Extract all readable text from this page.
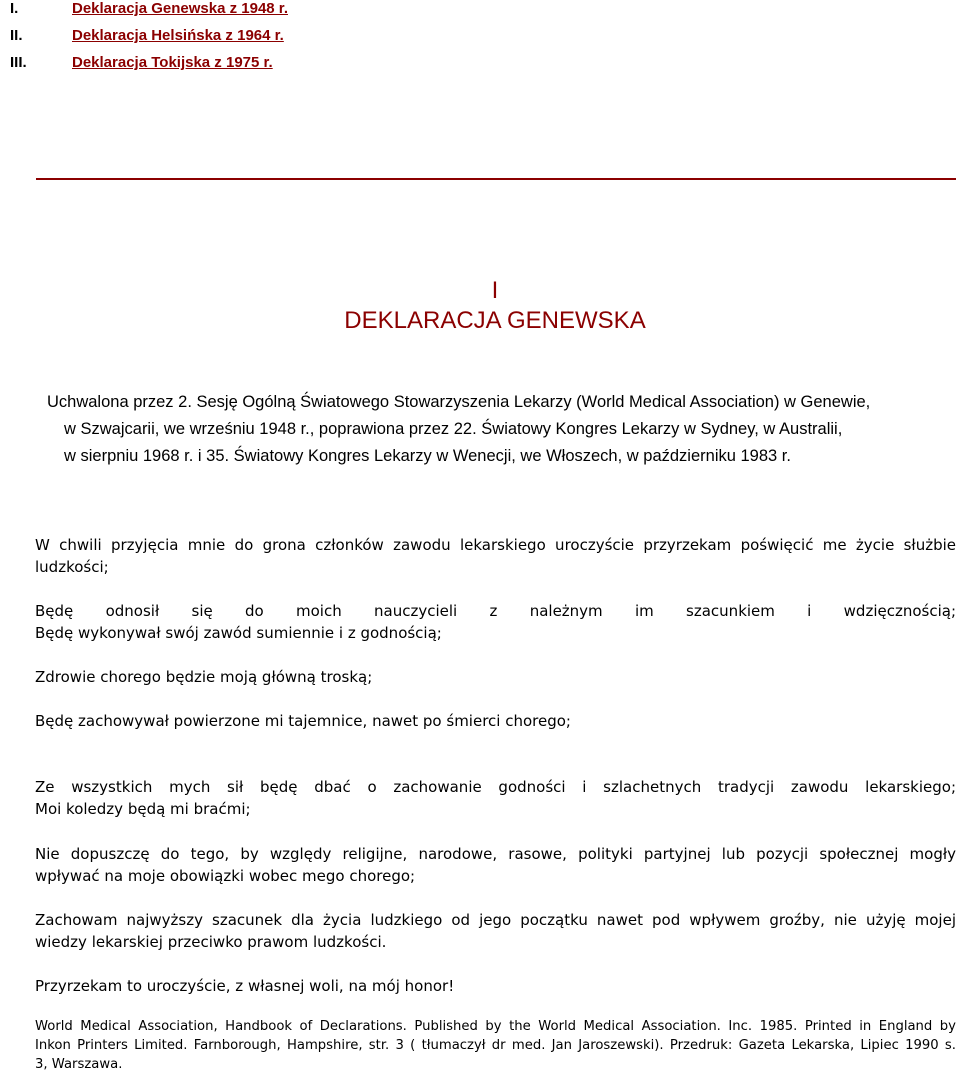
I.	Deklaracja Genewska z 1948 r.
II.	Deklaracja Helsińska z 1964 r.
III.	Deklaracja Tokijska z 1975 r.
I
DEKLARACJA GENEWSKA
Uchwalona przez 2. Sesję Ogólną Światowego Stowarzyszenia Lekarzy (World Medical Association) w Genewie,
w Szwajcarii, we wrześniu 1948 r., poprawiona przez 22. Światowy Kongres Lekarzy w Sydney, w Australii,
w sierpniu 1968 r. i 35. Światowy Kongres Lekarzy w Wenecji, we Włoszech, w październiku 1983 r.
W chwili przyjęcia mnie do grona członków zawodu lekarskiego uroczyście przyrzekam poświęcić me życie służbie
ludzkości;
Będę odnosił się do moich nauczycieli z należnym im szacunkiem i wdzięcznością;
Będę wykonywał swój zawód sumiennie i z godnością;
Zdrowie chorego będzie moją główną troską;
Będę zachowywał powierzone mi tajemnice, nawet po śmierci chorego;
Ze wszystkich mych sił będę dbać o zachowanie godności i szlachetnych tradycji zawodu lekarskiego;
Moi koledzy będą mi braćmi;
Nie dopuszczę do tego, by względy religijne, narodowe, rasowe, polityki partyjnej lub pozycji społecznej mogły
wpływać na moje obowiązki wobec mego chorego;
Zachowam najwyższy szacunek dla życia ludzkiego od jego początku nawet pod wpływem groźby, nie użyję mojej
wiedzy lekarskiej przeciwko prawom ludzkości.
Przyrzekam to uroczyście, z własnej woli, na mój honor!
World Medical Association, Handbook of Declarations. Published by the World Medical Association. Inc. 1985. Printed in England by
Inkon Printers Limited. Farnborough, Hampshire, str. 3 ( tłumaczył dr med. Jan Jaroszewski). Przedruk: Gazeta Lekarska, Lipiec 1990 s.
3, Warszawa.
